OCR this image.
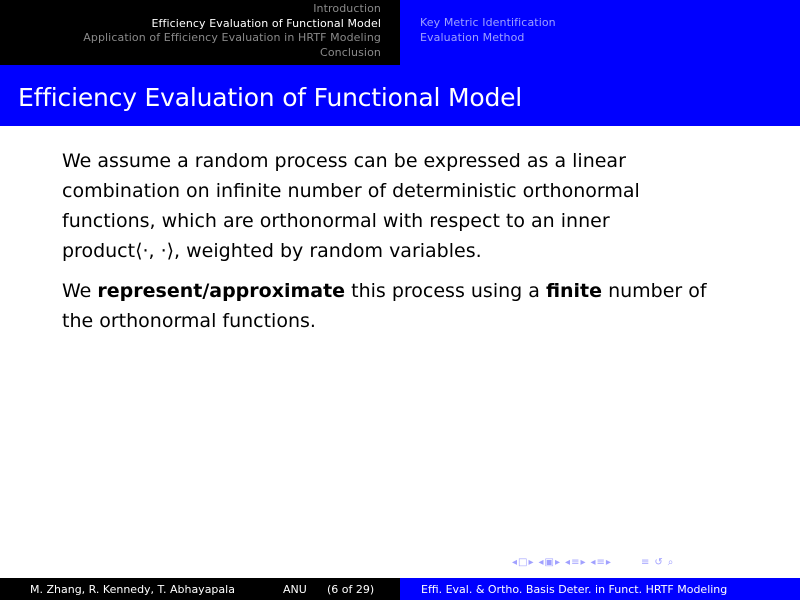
Introduction
Efficiency Evaluation of Functional Model
Application of Efficiency Evaluation in HRTF Modeling
Conclusion
Key Metric Identification
Evaluation Method
Efficiency Evaluation of Functional Model
We assume a random process can be expressed as a linear
combination on infinite number of deterministic orthonormal
functions, which are orthonormal with respect to an inner
product⟨·, ·⟩, weighted by random variables.
We represent/approximate this process using a finite number of
the orthonormal functions.
◂ □ ▸ ◂ ▣ ▸ ◂ ≡ ▸ ◂ ≡ ▸	≡ ↺ ⌕
M. Zhang, R. Kennedy, T. Abhayapala	ANU (6 of 29)	Effi. Eval. & Ortho. Basis Deter. in Funct. HRTF Modeling
